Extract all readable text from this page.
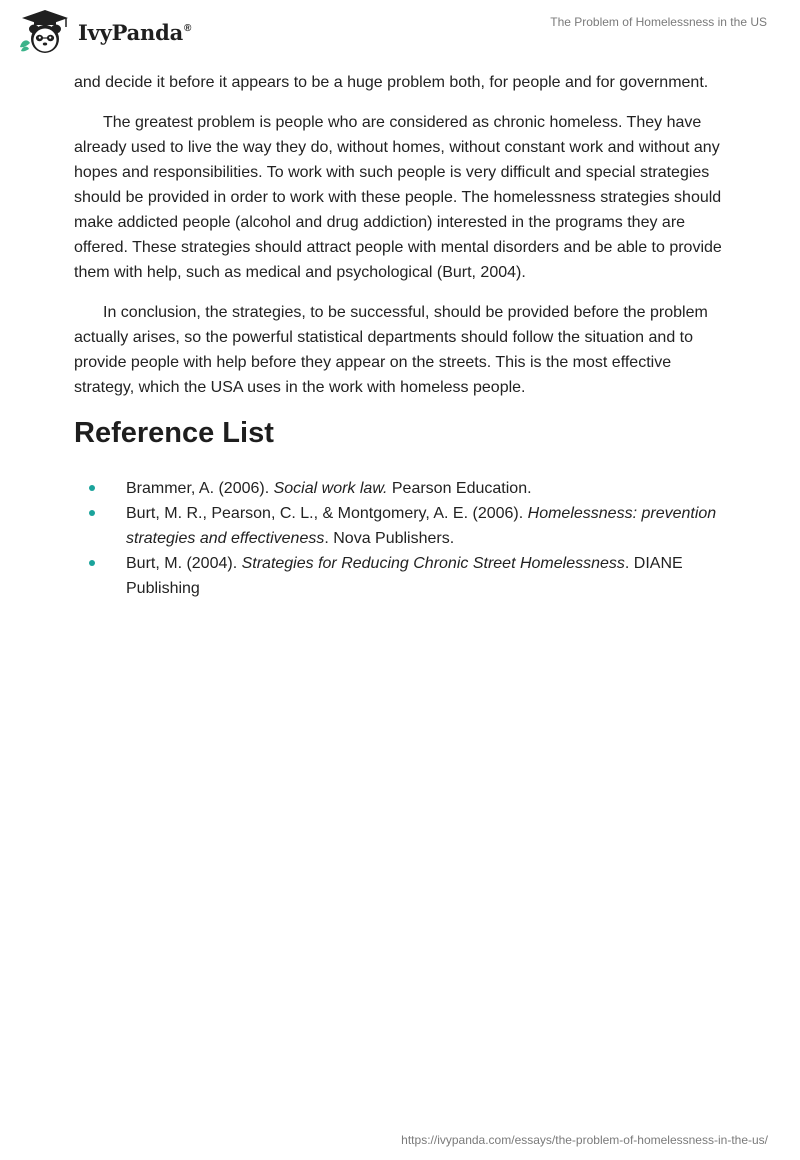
IvyPanda®	The Problem of Homelessness in the US

and decide it before it appears to be a huge problem both, for people and for government.

The greatest problem is people who are considered as chronic homeless. They have already used to live the way they do, without homes, without constant work and without any hopes and responsibilities. To work with such people is very difficult and special strategies should be provided in order to work with these people. The homelessness strategies should make addicted people (alcohol and drug addiction) interested in the programs they are offered. These strategies should attract people with mental disorders and be able to provide them with help, such as medical and psychological (Burt, 2004).

In conclusion, the strategies, to be successful, should be provided before the problem actually arises, so the powerful statistical departments should follow the situation and to provide people with help before they appear on the streets. This is the most effective strategy, which the USA uses in the work with homeless people.

Reference List
Brammer, A. (2006). Social work law. Pearson Education.
Burt, M. R., Pearson, C. L., & Montgomery, A. E. (2006). Homelessness: prevention strategies and effectiveness. Nova Publishers.
Burt, M. (2004). Strategies for Reducing Chronic Street Homelessness. DIANE Publishing
https://ivypanda.com/essays/the-problem-of-homelessness-in-the-us/
